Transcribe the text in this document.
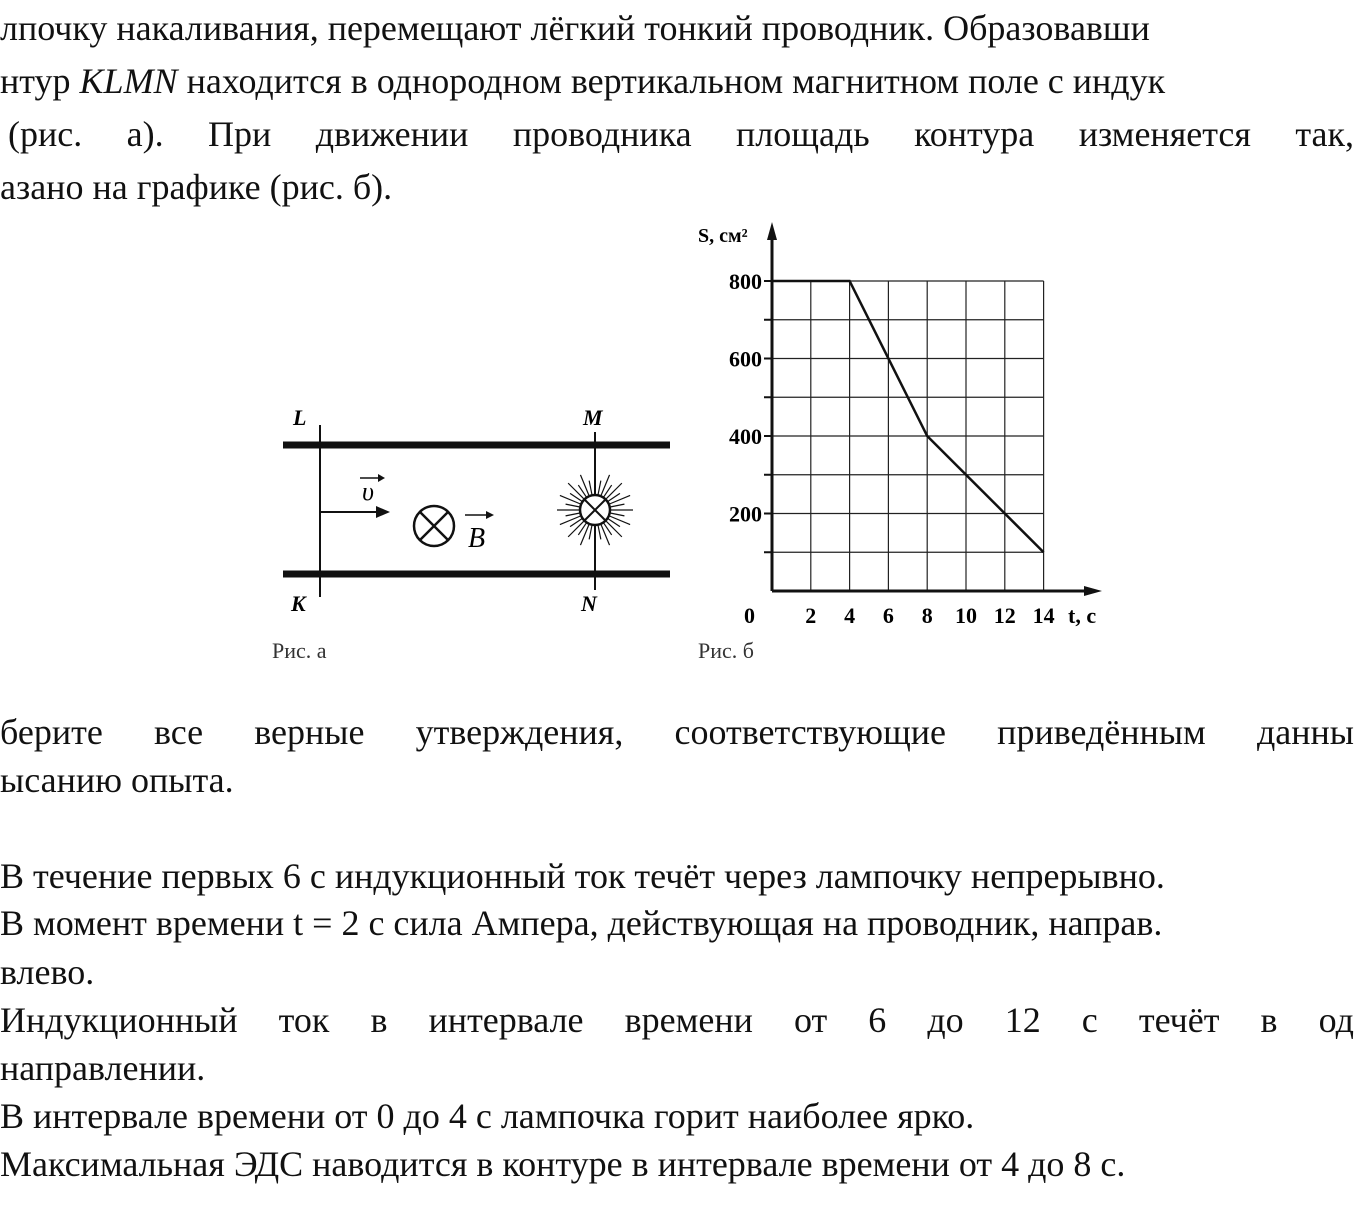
лпочку накаливания, перемещают лёгкий тонкий проводник. Образовавши
нтур KLMN находится в однородном вертикальном магнитном поле с индук
(рис. а). При движении проводника площадь контура изменяется так,
азано на графике (рис. б).
υ
B
L	M
K	N
Рис. а
2 4 6 8 10 12 14
200
400
600
800
S, см²
t, с
0
Рис. б
берите все верные утверждения, соответствующие приведённым данны
ысанию опыта.
В течение первых 6 с индукционный ток течёт через лампочку непрерывно.
В момент времени t = 2 с сила Ампера, действующая на проводник, направ.
влево.
Индукционный ток в интервале времени от 6 до 12 с течёт в од
направлении.
В интервале времени от 0 до 4 с лампочка горит наиболее ярко.
Максимальная ЭДС наводится в контуре в интервале времени от 4 до 8 с.
